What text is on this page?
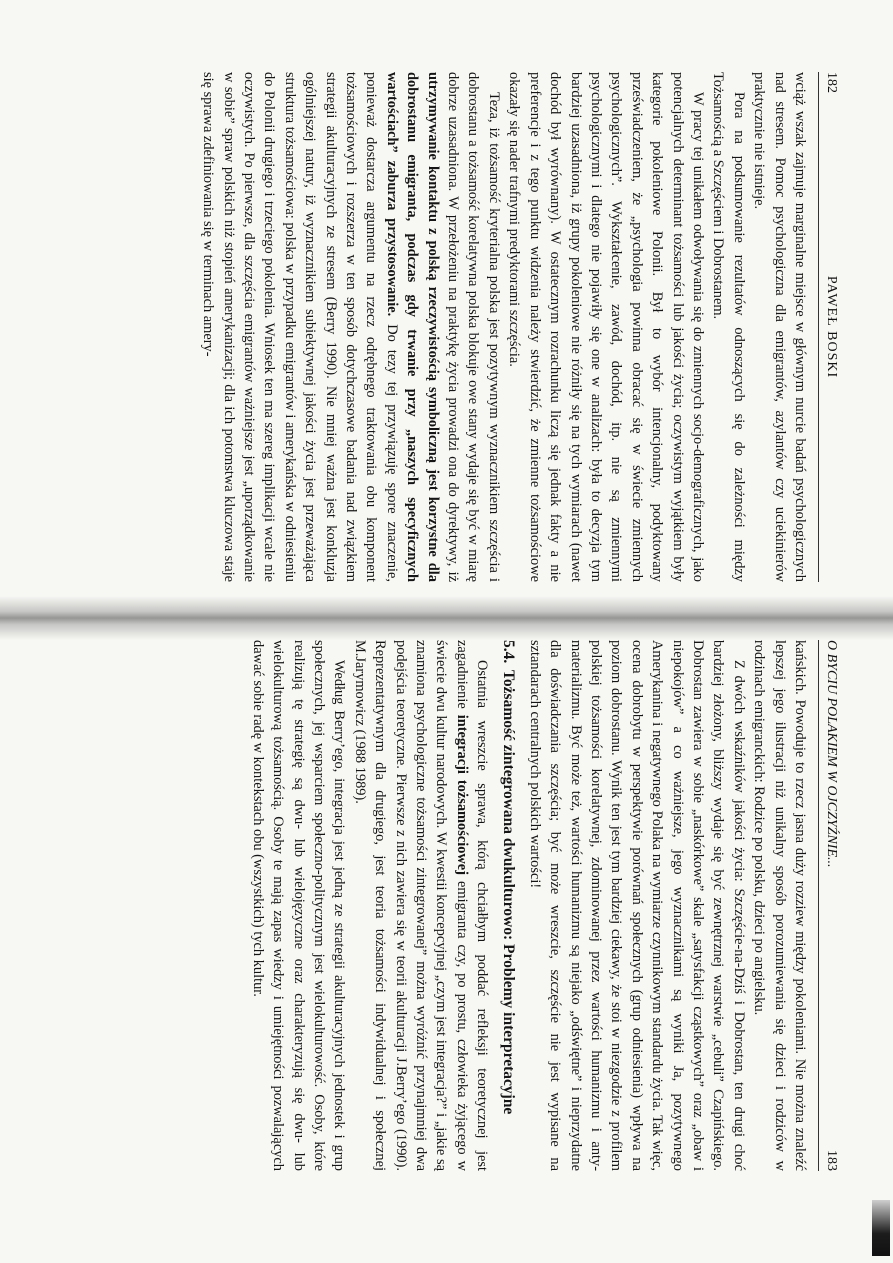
182
PAWEŁ BOSKI

wciąż wszak zajmuje marginalne miejsce w głównym nurcie badań psychologicznych nad stresem. Pomoc psychologiczna dla emigrantów, azylantów czy uciekinierów praktycznie nie istnieje.

Pora na podsumowanie rezultatów odnoszących się do zależności między Tożsamością a Szczęściem i Dobrostanem.

W pracy tej unikałem odwoływania się do zmiennych socjo-demograficznych, jako potencjalnych determinant tożsamości lub jakości życia; oczywistym wyjątkiem były kategorie pokoleniowe Polonii. Był to wybór intencjonalny, podyktowany przeświadczeniem, że „psychologia powinna obracać się w świecie zmiennych psychologicznych”. Wykształcenie, zawód, dochód, itp. nie są zmiennymi psychologicznymi i dlatego nie pojawiły się one w analizach: była to decyzja tym bardziej uzasadniona, iż grupy pokoleniowe nie różniły się na tych wymiarach (nawet dochód był wyrównany). W ostatecznym rozrachunku liczą się jednak fakty a nie preferencje i z tego punktu widzenia należy stwierdzić, że zmienne tożsamościowe okazały się nader trafnymi predyktorami szczęścia.

Teza, iż tożsamość kryterialna polska jest pozytywnym wyznacznikiem szczęścia i dobrostanu a tożsamość korelatywna polska blokuje owe stany wydaje się być w miarę dobrze uzasadniona. W przełożeniu na praktykę życia prowadzi ona do dyrektywy, iż utrzymywanie kontaktu z polską rzeczywistością symboliczną jest korzystne dla dobrostanu emigranta, podczas gdy trwanie przy „naszych specyficznych wartościach” zaburza przystosowanie. Do tezy tej przywiązuję spore znaczenie, ponieważ dostarcza argumentu na rzecz odrębnego traktowania obu komponent tożsamościowych i rozszerza w ten sposób dotychczasowe badania nad związkiem strategii akulturacyjnych ze stresem (Berry 1990). Nie mniej ważna jest konkluzja ogólniejszej natury, iż wyznacznikiem subiektywnej jakości życia jest przeważająca struktura tożsamościowa: polska w przypadku emigrantów i amerykańska w odniesieniu do Polonii drugiego i trzeciego pokolenia. Wniosek ten ma szereg implikacji wcale nie oczywistych. Po pierwsze, dla szczęścia emigrantów ważniejsze jest „uporządkowanie w sobie” spraw polskich niż stopień amerykanizacji; dla ich potomstwa kluczowa staje się sprawa zdefiniowania się w terminach amery-

O BYCIU POLAKIEM W OJCZYŹNIE...
183

kańskich. Powoduje to rzecz jasna duży rozziew między pokoleniami. Nie można znaleźć lepszej jego ilustracji niż unikalny sposób porozumiewania się dzieci i rodziców w rodzinach emigranckich: Rodzice po polsku, dzieci po angielsku.

Z dwóch wskaźników jakości życia: Szczęście-na-Dziś i Dobrostan, ten drugi choć bardziej złożony, bliższy wydaje się być zewnętrznej warstwie „cebuli” Czapińskiego. Dobrostan zawiera w sobie „naskórkowe” skale „satysfakcji cząstkowych” oraz „obaw i niepokojów” a co ważniejsze, jego wyznacznikami są wyniki Ja, pozytywnego Amerykanina i negatywnego Polaka na wymiarze czynnikowym standardu życia. Tak więc, ocena dobrobytu w perspektywie porównań społecznych (grup odniesienia) wpływa na poziom dobrostanu. Wynik ten jest tym bardziej ciekawy, że stoi w niezgodzie z profilem polskiej tożsamości korelatywnej, zdominowanej przez wartości humanizmu i anty-materializmu. Być może też, wartości humanizmu są niejako „odświętne” i nieprzydatne dla doświadczania szczęścia; być może wreszcie, szczęście nie jest wypisane na sztandarach centralnych polskich wartości!

5.4.
Tożsamość zintegrowana dwukulturowo: Problemy interpretacyjne

Ostatnia wreszcie sprawa, którą chciałbym poddać refleksji teoretycznej jest zagadnienie integracji tożsamościowej emigranta czy, po prostu, człowieka żyjącego w świecie dwu kultur narodowych. W kwestii koncepcyjnej „czym jest integracja?” i „jakie są znamiona psychologiczne tożsamości zintegrowanej” można wyróżnić przynajmniej dwa podejścia teoretyczne. Pierwsze z nich zawiera się w teorii akulturacji J.Berry’ego (1990). Reprezentatywnym dla drugiego, jest teoria tożsamości indywidualnej i społecznej M.Jarymowicz (1988 1989).

Według Berry’ego, integracja jest jedną ze strategii akulturacyjnych jednostek i grup społecznych, jej wsparciem społeczno-politycznym jest wielokulturowość. Osoby, które realizują tę strategię są dwu- lub wielojęzyczne oraz charakteryzują się dwu- lub wielokulturową tożsamością. Osoby te mają zapas wiedzy i umiejętności pozwalających dawać sobie radę w kontekstach obu (wszystkich) tych kultur.
